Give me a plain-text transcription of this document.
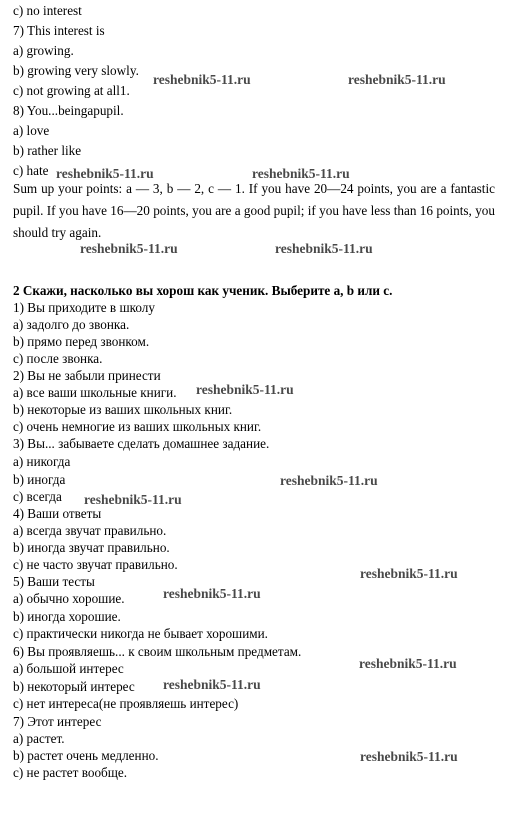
c) no interest

7) This interest is

a) growing.

b) growing very slowly.

c) not growing at all1.

8) You...beingapupil.

a) love

b) rather like

c) hate

Sum up your points: a — 3, b — 2, c — 1. If you have 20—24 points, you are a fantastic pupil. If you have 16—20 points, you are a good pupil; if you have less than 16 points, you should try again.

2 Скажи, насколько вы хорош как ученик. Выберите а, b или с.

1) Вы приходите в школу

a) задолго до звонка.

b) прямо перед звонком.

c) после звонка.

2) Вы не забыли принести

a) все ваши школьные книги.

b) некоторые из ваших школьных книг.

c) очень немногие из ваших школьных книг.

3) Вы... забываете сделать домашнее задание.

a) никогда

b) иногда

c) всегда

4) Ваши ответы

a) всегда звучат правильно.

b) иногда звучат правильно.

c) не часто звучат правильно.

5) Ваши тесты

a) обычно хорошие.

b) иногда хорошие.

c) практически никогда не бывает хорошими.

6) Вы проявляешь... к своим школьным предметам.

a) большой интерес

b) некоторый интерес

c) нет интереса(не проявляешь интерес)

7) Этот интерес

a) растет.

b) растет очень медленно.

c) не растет вообще.

reshebnik5-11.ru	reshebnik5-11.ru
reshebnik5-11.ru	reshebnik5-11.ru
reshebnik5-11.ru	reshebnik5-11.ru
reshebnik5-11.ru
reshebnik5-11.ru
reshebnik5-11.ru
reshebnik5-11.ru
reshebnik5-11.ru
reshebnik5-11.ru
reshebnik5-11.ru
reshebnik5-11.ru
